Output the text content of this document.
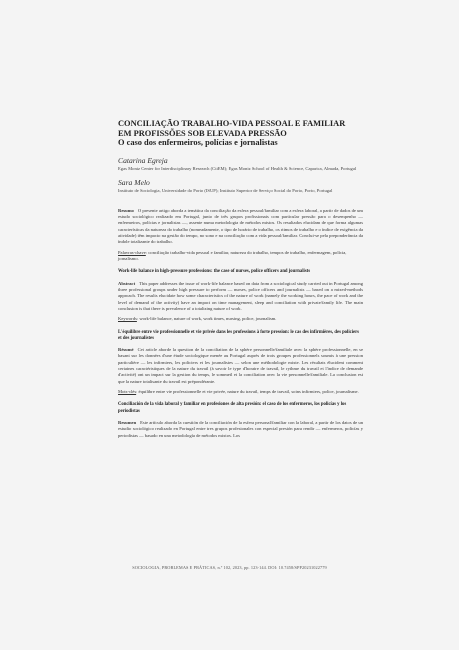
CONCILIAÇÃO TRABALHO-VIDA PESSOAL E FAMILIAR
EM PROFISSÕES SOB ELEVADA PRESSÃO
O caso dos enfermeiros, polícias e jornalistas
Catarina Egreja
Egas Moniz Center for Interdisciplinary Research (CiiEM); Egas Moniz School of Health & Science, Caparica, Almada, Portugal
Sara Melo
Instituto de Sociologia, Universidade do Porto (ISUP); Instituto Superior de Serviço Social do Porto, Porto, Portugal
Resumo O presente artigo aborda a temática da conciliação da esfera pessoal/familiar com a esfera laboral, a partir de dados de um estudo sociológico realizado em Portugal, junto de três grupos profissionais com particular pressão para o desempenho — enfermeiros, polícias e jornalistas —, assente numa metodologia de métodos mistos. Os resultados elucidam de que forma algumas características da natureza do trabalho (nomeadamente, o tipo de horário de trabalho, os ritmos de trabalho e o índice de exigência da atividade) têm impacto na gestão do tempo, no sono e na conciliação com a vida pessoal/familiar. Conclui-se pela preponderância da índole totalizante do trabalho.
Palavras-chave: conciliação trabalho-vida pessoal e familiar, natureza do trabalho, tempos de trabalho, enfermagem, polícia, jornalismo.
Work-life balance in high-pressure professions: the case of nurses, police officers and journalists
Abstract This paper addresses the issue of work-life balance based on data from a sociological study carried out in Portugal among three professional groups under high pressure to perform — nurses, police officers and journalists — based on a mixed-methods approach. The results elucidate how some characteristics of the nature of work (namely the working hours, the pace of work and the level of demand of the activity) have an impact on time management, sleep and conciliation with private/family life. The main conclusion is that there is prevalence of a totalizing nature of work.
Keywords: work-life balance, nature of work, work times, nursing, police, journalism.
L'équilibre entre vie professionnelle et vie privée dans les professions à forte pression: le cas des infirmières, des policiers et des journalistes
Résumé Cet article aborde la question de la conciliation de la sphère personnelle/familiale avec la sphère professionnelle, en se basant sur les données d'une étude sociologique menée au Portugal auprès de trois groupes professionnels soumis à une pression particulière — les infirmiers, les policiers et les journalistes — selon une méthodologie mixte. Les résultats élucident comment certaines caractéristiques de la nature du travail (à savoir le type d'horaire de travail, le rythme du travail et l'indice de demande d'activité) ont un impact sur la gestion du temps, le sommeil et la conciliation avec la vie personnelle/familiale. La conclusion est que la nature totalisante du travail est prépondérante.
Mots-clés: équilibre entre vie professionnelle et vie privée, nature du travail, temps de travail, soins infirmiers, police, journalisme.
Conciliación de la vida laboral y familiar en profesiones de alta presión: el caso de los enfermeros, los policías y los periodistas
Resumen Este artículo aborda la cuestión de la conciliación de la esfera personal/familiar con la laboral, a partir de los datos de un estudio sociológico realizado en Portugal entre tres grupos profesionales con especial presión para rendir — enfermeros, policías y periodistas — basado en una metodología de métodos mixtos. Los
SOCIOLOGIA, PROBLEMAS E PRÁTICAS, n.º 102, 2023, pp. 123-144. DOI: 10.7458/SPP20231022779
